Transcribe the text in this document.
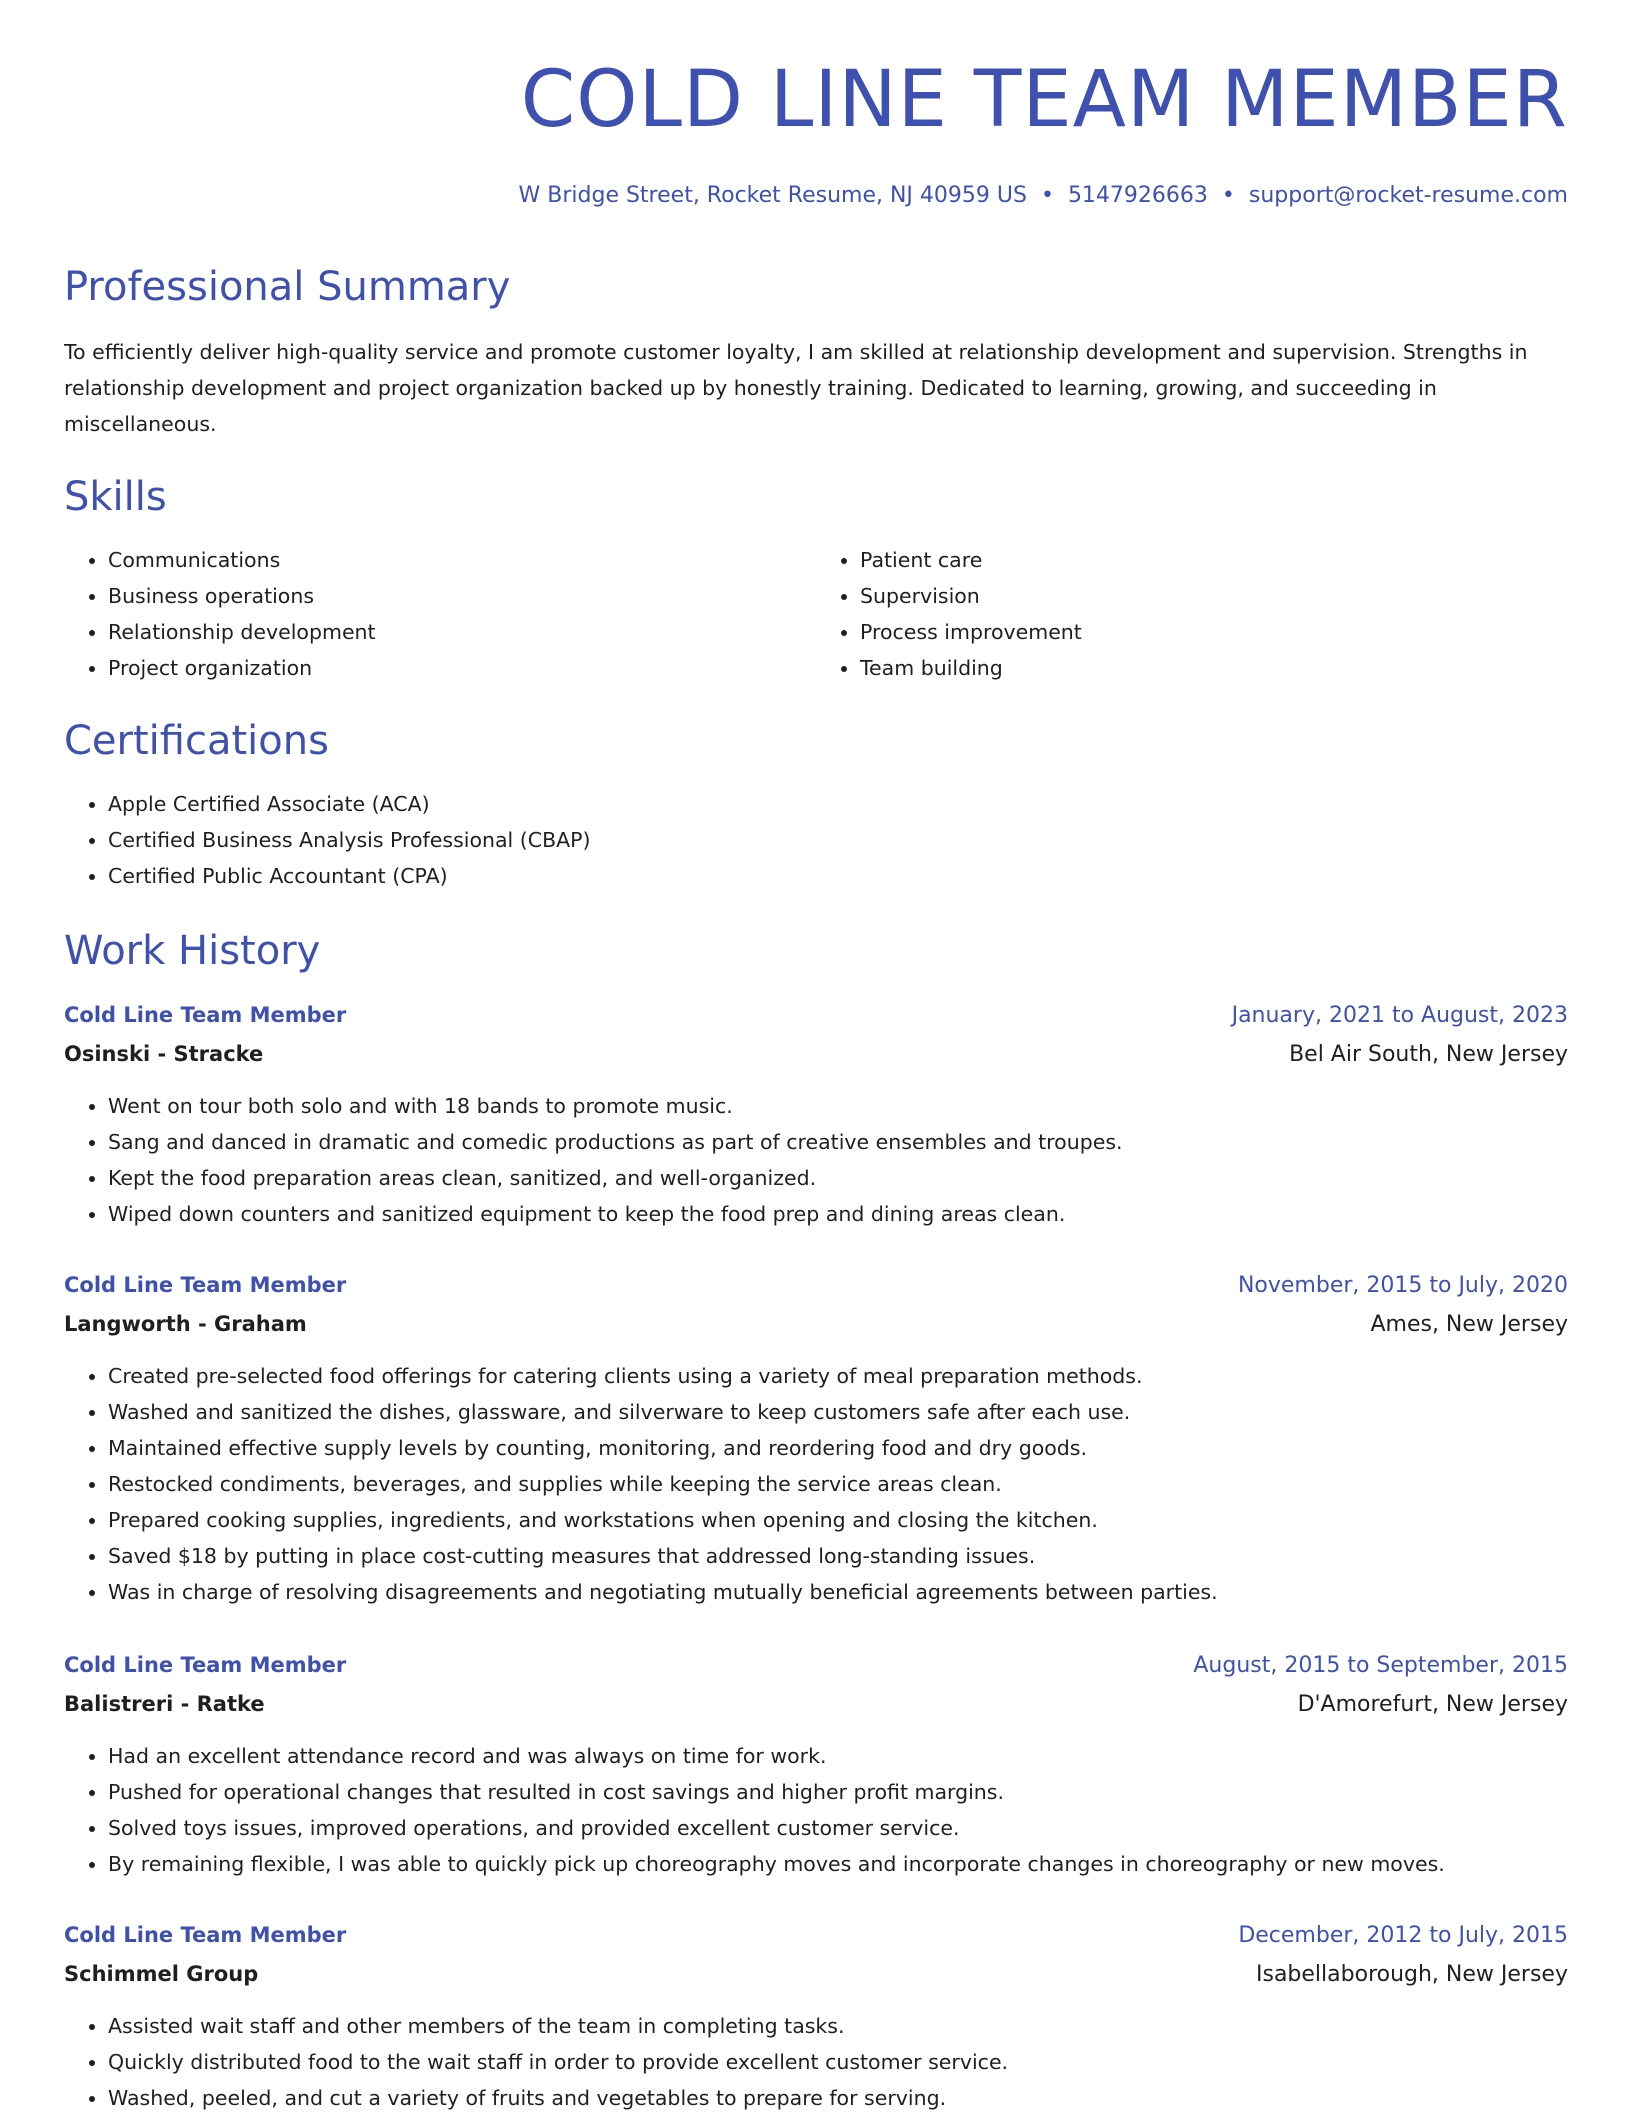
COLD LINE TEAM MEMBER
W Bridge Street, Rocket Resume, NJ 40959 US • 5147926663 • support@rocket-resume.com
Professional Summary

To efficiently deliver high-quality service and promote customer loyalty, I am skilled at relationship development and supervision. Strengths in relationship development and project organization backed up by honestly training. Dedicated to learning, growing, and succeeding in miscellaneous.

Skills
• Communications
• Business operations
• Relationship development
• Project organization
• Patient care
• Supervision
• Process improvement
• Team building
Certifications
• Apple Certified Associate (ACA)
• Certified Business Analysis Professional (CBAP)
• Certified Public Accountant (CPA)
Work History
Cold Line Team Member	January, 2021 to August, 2023
Osinski - Stracke	Bel Air South, New Jersey
• Went on tour both solo and with 18 bands to promote music.
• Sang and danced in dramatic and comedic productions as part of creative ensembles and troupes.
• Kept the food preparation areas clean, sanitized, and well-organized.
• Wiped down counters and sanitized equipment to keep the food prep and dining areas clean.
Cold Line Team Member	November, 2015 to July, 2020
Langworth - Graham	Ames, New Jersey
• Created pre-selected food offerings for catering clients using a variety of meal preparation methods.
• Washed and sanitized the dishes, glassware, and silverware to keep customers safe after each use.
• Maintained effective supply levels by counting, monitoring, and reordering food and dry goods.
• Restocked condiments, beverages, and supplies while keeping the service areas clean.
• Prepared cooking supplies, ingredients, and workstations when opening and closing the kitchen.
• Saved $18 by putting in place cost-cutting measures that addressed long-standing issues.
• Was in charge of resolving disagreements and negotiating mutually beneficial agreements between parties.
Cold Line Team Member	August, 2015 to September, 2015
Balistreri - Ratke	D'Amorefurt, New Jersey
• Had an excellent attendance record and was always on time for work.
• Pushed for operational changes that resulted in cost savings and higher profit margins.
• Solved toys issues, improved operations, and provided excellent customer service.
• By remaining flexible, I was able to quickly pick up choreography moves and incorporate changes in choreography or new moves.
Cold Line Team Member	December, 2012 to July, 2015
Schimmel Group	Isabellaborough, New Jersey
• Assisted wait staff and other members of the team in completing tasks.
• Quickly distributed food to the wait staff in order to provide excellent customer service.
• Washed, peeled, and cut a variety of fruits and vegetables to prepare for serving.
